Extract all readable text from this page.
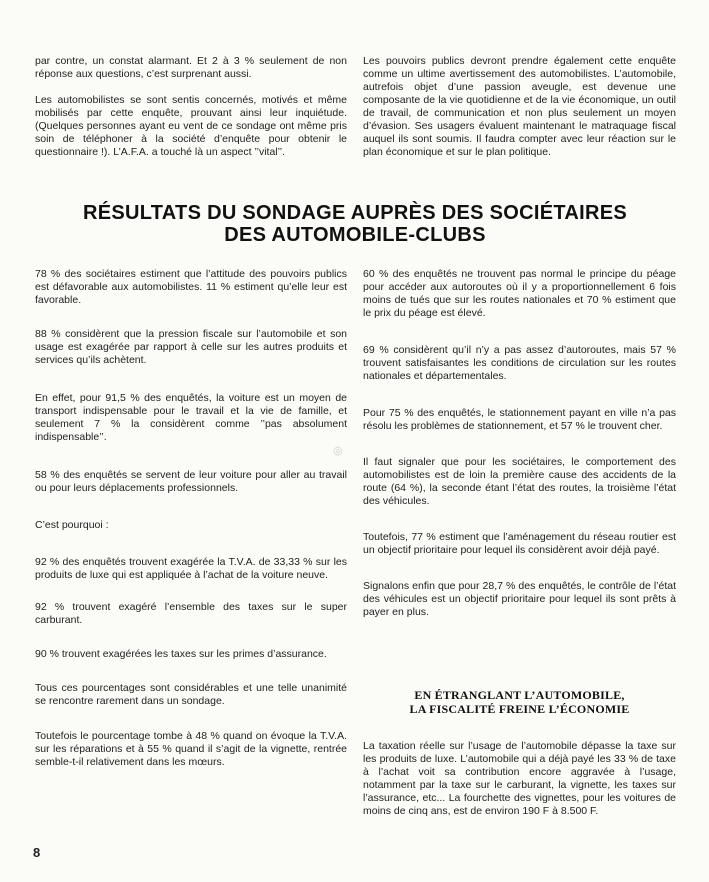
◎

par contre, un constat alarmant. Et 2 à 3 % seulement de non réponse aux questions, c’est surprenant aussi.

Les automobilistes se sont sentis concernés, motivés et même mobilisés par cette enquête, prouvant ainsi leur inquiétude. (Quelques personnes ayant eu vent de ce sondage ont même pris soin de téléphoner à la société d’enquête pour obtenir le questionnaire !). L’A.F.A. a touché là un aspect ’’vital’’.

Les pouvoirs publics devront prendre également cette enquête comme un ultime avertissement des automobilistes. L’automobile, autrefois objet d’une passion aveugle, est devenue une composante de la vie quotidienne et de la vie économique, un outil de travail, de communication et non plus seulement un moyen d’évasion. Ses usagers évaluent maintenant le matraquage fiscal auquel ils sont soumis. Il faudra compter avec leur réaction sur le plan économique et sur le plan politique.

RÉSULTATS DU SONDAGE AUPRÈS DES SOCIÉTAIRES
DES AUTOMOBILE-CLUBS

78 % des sociétaires estiment que l’attitude des pouvoirs publics est défavorable aux automobilistes. 11 % estiment qu’elle leur est favorable.

88 % considèrent que la pression fiscale sur l’automobile et son usage est exagérée par rapport à celle sur les autres produits et services qu’ils achètent.

En effet, pour 91,5 % des enquêtés, la voiture est un moyen de transport indispensable pour le travail et la vie de famille, et seulement 7 % la considèrent comme ’’pas absolument indispensable’’.

58 % des enquêtés se servent de leur voiture pour aller au travail ou pour leurs déplacements professionnels.

C’est pourquoi :

92 % des enquêtés trouvent exagérée la T.V.A. de 33,33 % sur les produits de luxe qui est appliquée à l’achat de la voiture neuve.

92 % trouvent exagéré l’ensemble des taxes sur le super carburant.

90 % trouvent exagérées les taxes sur les primes d’assurance.

Tous ces pourcentages sont considérables et une telle unanimité se rencontre rarement dans un sondage.

Toutefois le pourcentage tombe à 48 % quand on évoque la T.V.A. sur les réparations et à 55 % quand il s’agit de la vignette, rentrée semble-t-il relativement dans les mœurs.

60 % des enquêtés ne trouvent pas normal le principe du péage pour accéder aux autoroutes où il y a proportionnellement 6 fois moins de tués que sur les routes nationales et 70 % estiment que le prix du péage est élevé.

69 % considèrent qu’il n’y a pas assez d’autoroutes, mais 57 % trouvent satisfaisantes les conditions de circulation sur les routes nationales et départementales.

Pour 75 % des enquêtés, le stationnement payant en ville n’a pas résolu les problèmes de stationnement, et 57 % le trouvent cher.

Il faut signaler que pour les sociétaires, le comportement des automobilistes est de loin la première cause des accidents de la route (64 %), la seconde étant l’état des routes, la troisième l’état des véhicules.

Toutefois, 77 % estiment que l’aménagement du réseau routier est un objectif prioritaire pour lequel ils considèrent avoir déjà payé.

Signalons enfin que pour 28,7 % des enquêtés, le contrôle de l’état des véhicules est un objectif prioritaire pour lequel ils sont prêts à payer en plus.

EN ÉTRANGLANT L’AUTOMOBILE,
LA FISCALITÉ FREINE L’ÉCONOMIE

La taxation réelle sur l’usage de l’automobile dépasse la taxe sur les produits de luxe. L’automobile qui a déjà payé les 33 % de taxe à l’achat voit sa contribution encore aggravée à l’usage, notamment par la taxe sur le carburant, la vignette, les taxes sur l’assurance, etc... La fourchette des vignettes, pour les voitures de moins de cinq ans, est de environ 190 F à 8.500 F.

8
